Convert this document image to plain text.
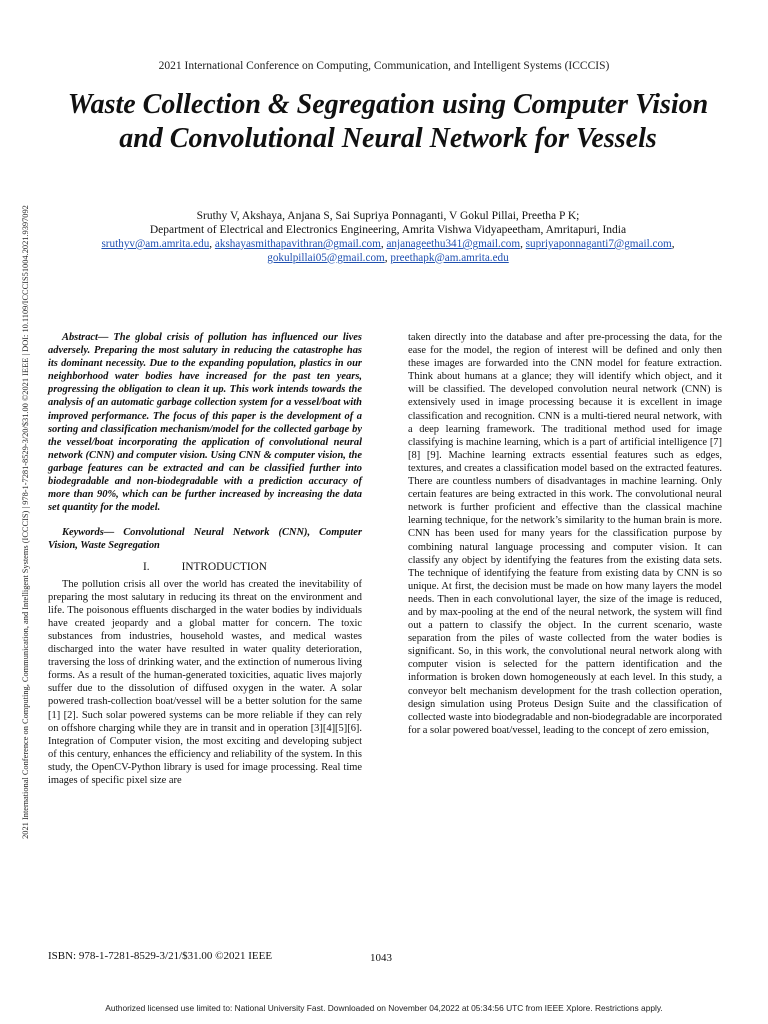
2021 International Conference on Computing, Communication, and Intelligent Systems (ICCCIS)
Waste Collection & Segregation using Computer Vision and Convolutional Neural Network for Vessels
Sruthy V, Akshaya, Anjana S, Sai Supriya Ponnaganti, V Gokul Pillai, Preetha P K;
Department of Electrical and Electronics Engineering, Amrita Vishwa Vidyapeetham, Amritapuri, India
sruthyv@am.amrita.edu, akshayasmithapavithran@gmail.com, anjanageethu341@gmail.com, supriyaponnaganti7@gmail.com,
gokulpillai05@gmail.com, preethapk@am.amrita.edu
2021 International Conference on Computing, Communication, and Intelligent Systems (ICCCIS) | 978-1-7281-8529-3/20/$31.00 ©2021 IEEE | DOI: 10.1109/ICCCIS51004.2021.9397092	Abstract— The global crisis of pollution has influenced our lives adversely. Preparing the most salutary in reducing the catastrophe has its dominant necessity. Due to the expanding population, plastics in our neighborhood water bodies have increased for the past ten years, progressing the obligation to clean it up. This work intends towards the analysis of an automatic garbage collection system for a vessel/boat with improved performance. The focus of this paper is the development of a sorting and classification mechanism/model for the collected garbage by the vessel/boat incorporating the application of convolutional neural network (CNN) and computer vision. Using CNN & computer vision, the garbage features can be extracted and can be classified further into biodegradable and non-biodegradable with a prediction accuracy of more than 90%, which can be further increased by increasing the data set quantity for the model.

Keywords— Convolutional Neural Network (CNN), Computer Vision, Waste Segregation

I.	INTRODUCTION

The pollution crisis all over the world has created the inevitability of preparing the most salutary in reducing its threat on the environment and life. The poisonous effluents discharged in the water bodies by individuals have created jeopardy and a global matter for concern. The toxic substances from industries, household wastes, and medical wastes discharged into the water have resulted in water quality deterioration, traversing the loss of drinking water, and the extinction of numerous living forms. As a result of the human-generated toxicities, aquatic lives majorly suffer due to the dissolution of diffused oxygen in the water. A solar powered trash-collection boat/vessel will be a better solution for the same [1] [2]. Such solar powered systems can be more reliable if they can rely on offshore charging while they are in transit and in operation [3][4][5][6]. Integration of Computer vision, the most exciting and developing subject of this century, enhances the efficiency and reliability of the system. In this study, the OpenCV-Python library is used for image processing. Real time images of specific pixel size are

taken directly into the database and after pre-processing the data, for the ease for the model, the region of interest will be defined and only then these images are forwarded into the CNN model for feature extraction. Think about humans at a glance; they will identify which object, and it will be classified. The developed convolution neural network (CNN) is extensively used in image processing because it is excellent in image classification and recognition. CNN is a multi-tiered neural network, with a deep learning framework. The traditional method used for image classifying is machine learning, which is a part of artificial intelligence [7] [8] [9]. Machine learning extracts essential features such as edges, textures, and creates a classification model based on the extracted features. There are countless numbers of disadvantages in machine learning. Only certain features are being extracted in this work. The convolutional neural network is further proficient and effective than the classical machine learning technique, for the network’s similarity to the human brain is more. CNN has been used for many years for the classification purpose by combining natural language processing and computer vision. It can classify any object by identifying the features from the existing data sets. The technique of identifying the feature from existing data by CNN is so unique. At first, the decision must be made on how many layers the model needs. Then in each convolutional layer, the size of the image is reduced, and by max-pooling at the end of the neural network, the system will find out a pattern to classify the object. In the current scenario, waste separation from the piles of waste collected from the water bodies is significant. So, in this work, the convolutional neural network along with computer vision is selected for the pattern identification and the information is broken down homogeneously at each level. In this study, a conveyor belt mechanism development for the trash collection operation, design simulation using Proteus Design Suite and the classification of collected waste into biodegradable and non-biodegradable are incorporated for a solar powered boat/vessel, leading to the concept of zero emission,

ISBN: 978-1-7281-8529-3/21/$31.00 ©2021 IEEE	1043
Authorized licensed use limited to: National University Fast. Downloaded on November 04,2022 at 05:34:56 UTC from IEEE Xplore. Restrictions apply.
